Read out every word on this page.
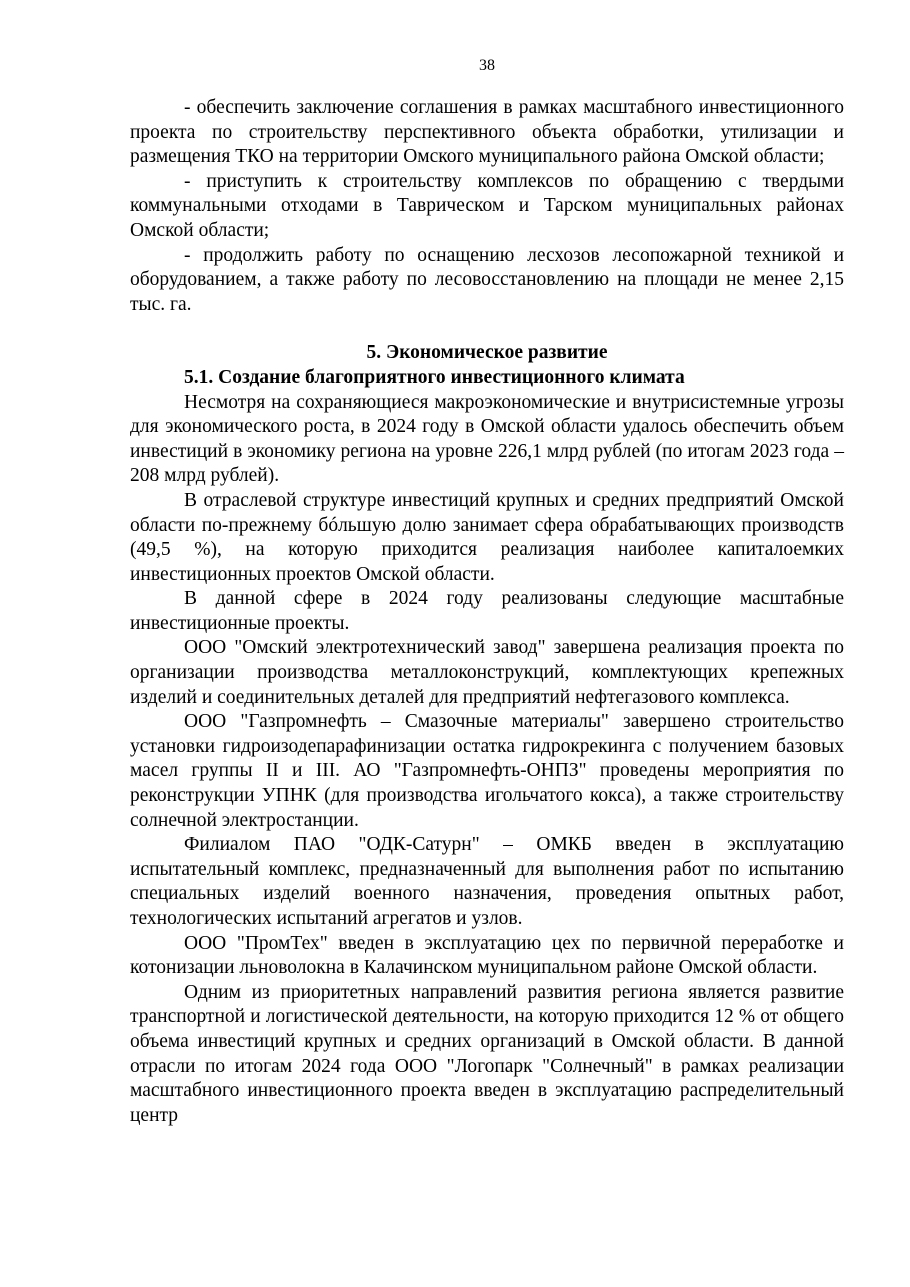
38

- обеспечить заключение соглашения в рамках масштабного инвестиционного проекта по строительству перспективного объекта обработки, утилизации и размещения ТКО на территории Омского муниципального района Омской области;

- приступить к строительству комплексов по обращению с твердыми коммунальными отходами в Таврическом и Тарском муниципальных районах Омской области;

- продолжить работу по оснащению лесхозов лесопожарной техникой и оборудованием, а также работу по лесовосстановлению на площади не менее 2,15 тыс. га.

5. Экономическое развитие
5.1. Создание благоприятного инвестиционного климата

Несмотря на сохраняющиеся макроэкономические и внутрисистемные угрозы для экономического роста, в 2024 году в Омской области удалось обеспечить объем инвестиций в экономику региона на уровне 226,1 млрд рублей (по итогам 2023 года – 208 млрд рублей).

В отраслевой структуре инвестиций крупных и средних предприятий Омской области по-прежнему бóльшую долю занимает сфера обрабатывающих производств (49,5 %), на которую приходится реализация наиболее капиталоемких инвестиционных проектов Омской области.

В данной сфере в 2024 году реализованы следующие масштабные инвестиционные проекты.

ООО "Омский электротехнический завод" завершена реализация проекта по организации производства металлоконструкций, комплектующих крепежных изделий и соединительных деталей для предприятий нефтегазового комплекса.

ООО "Газпромнефть – Смазочные материалы" завершено строительство установки гидроизодепарафинизации остатка гидрокрекинга с получением базовых масел группы II и III. АО "Газпромнефть-ОНПЗ" проведены мероприятия по реконструкции УПНК (для производства игольчатого кокса), а также строительству солнечной электростанции.

Филиалом ПАО "ОДК-Сатурн" – ОМКБ введен в эксплуатацию испытательный комплекс, предназначенный для выполнения работ по испытанию специальных изделий военного назначения, проведения опытных работ, технологических испытаний агрегатов и узлов.

ООО "ПромТех" введен в эксплуатацию цех по первичной переработке и котонизации льноволокна в Калачинском муниципальном районе Омской области.

Одним из приоритетных направлений развития региона является развитие транспортной и логистической деятельности, на которую приходится 12 % от общего объема инвестиций крупных и средних организаций в Омской области. В данной отрасли по итогам 2024 года ООО "Логопарк "Солнечный" в рамках реализации масштабного инвестиционного проекта введен в эксплуатацию распределительный центр
